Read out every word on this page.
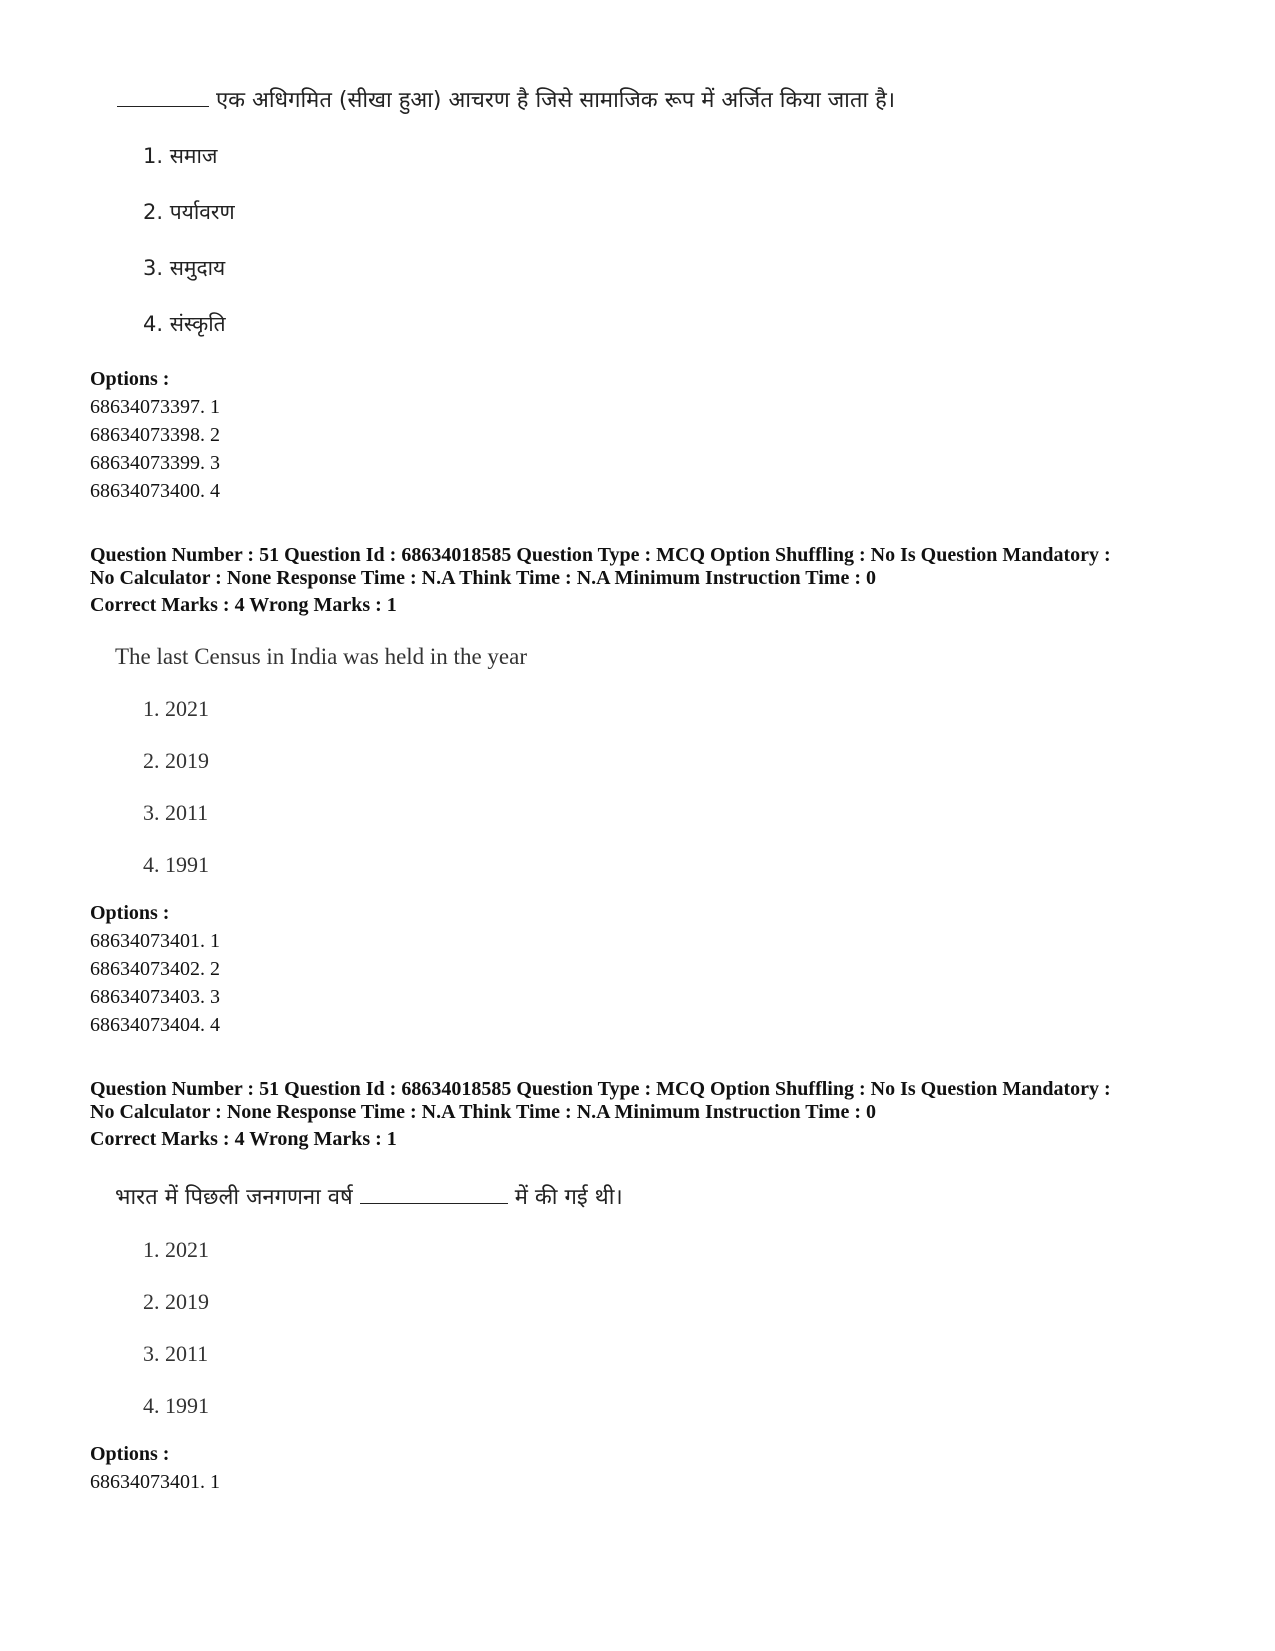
एक अधिगमित (सीखा हुआ) आचरण है जिसे सामाजिक रूप में अर्जित किया जाता है।
1. समाज
2. पर्यावरण
3. समुदाय
4. संस्कृति
Options :
68634073397. 1
68634073398. 2
68634073399. 3
68634073400. 4
Question Number : 51 Question Id : 68634018585 Question Type : MCQ Option Shuffling : No Is Question Mandatory :
No Calculator : None Response Time : N.A Think Time : N.A Minimum Instruction Time : 0
Correct Marks : 4 Wrong Marks : 1
The last Census in India was held in the year
1. 2021
2. 2019
3. 2011
4. 1991
Options :
68634073401. 1
68634073402. 2
68634073403. 3
68634073404. 4
Question Number : 51 Question Id : 68634018585 Question Type : MCQ Option Shuffling : No Is Question Mandatory :
No Calculator : None Response Time : N.A Think Time : N.A Minimum Instruction Time : 0
Correct Marks : 4 Wrong Marks : 1
भारत में पिछली जनगणना वर्ष	में की गई थी।
1. 2021
2. 2019
3. 2011
4. 1991
Options :
68634073401. 1
